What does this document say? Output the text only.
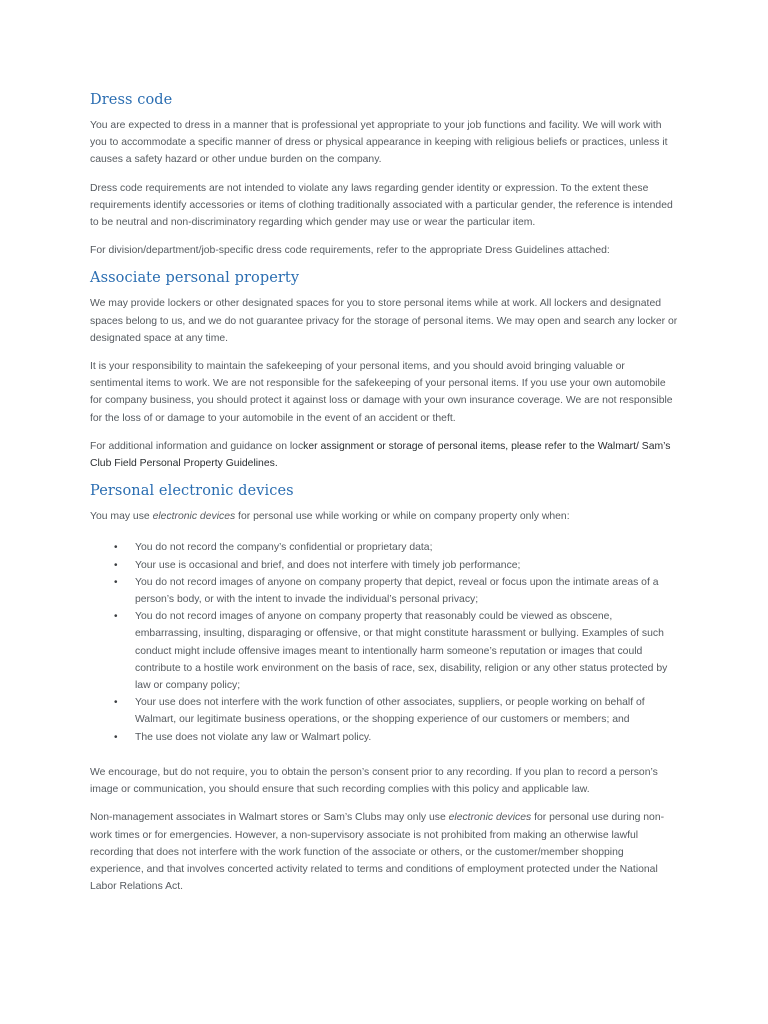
Dress code

You are expected to dress in a manner that is professional yet appropriate to your job functions and facility. We will work with you to accommodate a specific manner of dress or physical appearance in keeping with religious beliefs or practices, unless it causes a safety hazard or other undue burden on the company.

Dress code requirements are not intended to violate any laws regarding gender identity or expression. To the extent these requirements identify accessories or items of clothing traditionally associated with a particular gender, the reference is intended to be neutral and non-discriminatory regarding which gender may use or wear the particular item.

For division/department/job-specific dress code requirements, refer to the appropriate Dress Guidelines attached:

Associate personal property

We may provide lockers or other designated spaces for you to store personal items while at work. All lockers and designated spaces belong to us, and we do not guarantee privacy for the storage of personal items. We may open and search any locker or designated space at any time.

It is your responsibility to maintain the safekeeping of your personal items, and you should avoid bringing valuable or sentimental items to work. We are not responsible for the safekeeping of your personal items. If you use your own automobile for company business, you should protect it against loss or damage with your own insurance coverage. We are not responsible for the loss of or damage to your automobile in the event of an accident or theft.

For additional information and guidance on locker assignment or storage of personal items, please refer to the Walmart/ Sam’s Club Field Personal Property Guidelines.

Personal electronic devices

You may use electronic devices for personal use while working or while on company property only when:

• You do not record the company’s confidential or proprietary data;
• Your use is occasional and brief, and does not interfere with timely job performance;
• You do not record images of anyone on company property that depict, reveal or focus upon the intimate areas of a person’s body, or with the intent to invade the individual’s personal privacy;
• You do not record images of anyone on company property that reasonably could be viewed as obscene, embarrassing, insulting, disparaging or offensive, or that might constitute harassment or bullying. Examples of such conduct might include offensive images meant to intentionally harm someone’s reputation or images that could contribute to a hostile work environment on the basis of race, sex, disability, religion or any other status protected by law or company policy;
• Your use does not interfere with the work function of other associates, suppliers, or people working on behalf of Walmart, our legitimate business operations, or the shopping experience of our customers or members; and
• The use does not violate any law or Walmart policy.

We encourage, but do not require, you to obtain the person’s consent prior to any recording. If you plan to record a person’s image or communication, you should ensure that such recording complies with this policy and applicable law.

Non-management associates in Walmart stores or Sam’s Clubs may only use electronic devices for personal use during non-work times or for emergencies. However, a non-supervisory associate is not prohibited from making an otherwise lawful recording that does not interfere with the work function of the associate or others, or the customer/member shopping experience, and that involves concerted activity related to terms and conditions of employment protected under the National Labor Relations Act.
